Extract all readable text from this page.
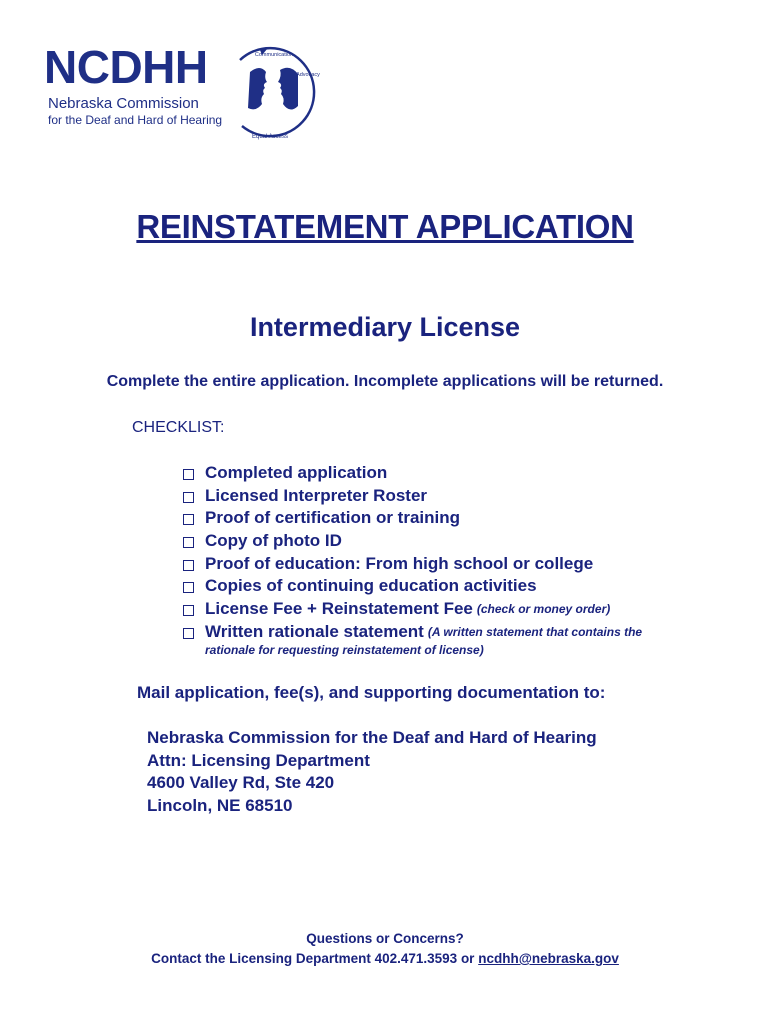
NCDHH
Nebraska Commission
for the Deaf and Hard of Hearing
Equal Access
Communication
Advocacy
REINSTATEMENT APPLICATION
Intermediary License
Complete the entire application. Incomplete applications will be returned.
CHECKLIST:
Completed application
Licensed Interpreter Roster
Proof of certification or training
Copy of photo ID
Proof of education: From high school or college
Copies of continuing education activities
License Fee + Reinstatement Fee (check or money order)
Written rationale statement (A written statement that contains the
rationale for requesting reinstatement of license)
Mail application, fee(s), and supporting documentation to:
Nebraska Commission for the Deaf and Hard of Hearing
Attn: Licensing Department
4600 Valley Rd, Ste 420
Lincoln, NE 68510
Questions or Concerns?
Contact the Licensing Department 402.471.3593 or ncdhh@nebraska.gov
